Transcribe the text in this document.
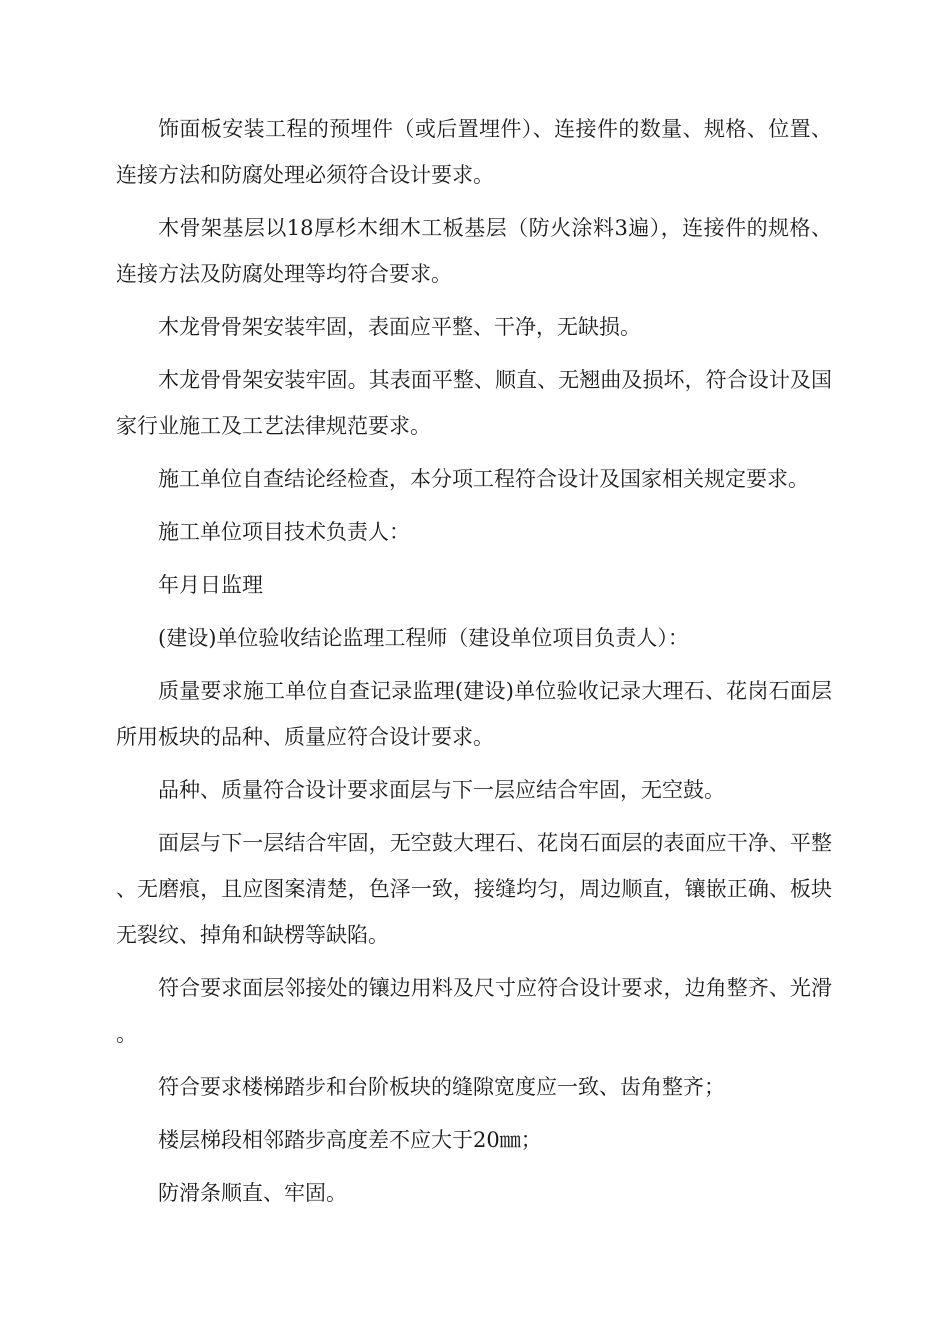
饰面板安装工程的预埋件（或后置埋件）、连接件的数量、规格、位置、连接方法和防腐处理必须符合设计要求。

木骨架基层以18厚杉木细木工板基层（防火涂料3遍），连接件的规格、连接方法及防腐处理等均符合要求。

木龙骨骨架安装牢固，表面应平整、干净，无缺损。

木龙骨骨架安装牢固。其表面平整、顺直、无翘曲及损坏，符合设计及国家行业施工及工艺法律规范要求。

施工单位自查结论经检查，本分项工程符合设计及国家相关规定要求。

施工单位项目技术负责人：

年月日监理

(建设)单位验收结论监理工程师（建设单位项目负责人）：

质量要求施工单位自查记录监理(建设)单位验收记录大理石、花岗石面层所用板块的品种、质量应符合设计要求。

品种、质量符合设计要求面层与下一层应结合牢固，无空鼓。

面层与下一层结合牢固，无空鼓大理石、花岗石面层的表面应干净、平整、无磨痕，且应图案清楚，色泽一致，接缝均匀，周边顺直，镶嵌正确、板块无裂纹、掉角和缺楞等缺陷。

符合要求面层邻接处的镶边用料及尺寸应符合设计要求，边角整齐、光滑。

符合要求楼梯踏步和台阶板块的缝隙宽度应一致、齿角整齐；

楼层梯段相邻踏步高度差不应大于20㎜；

防滑条顺直、牢固。
